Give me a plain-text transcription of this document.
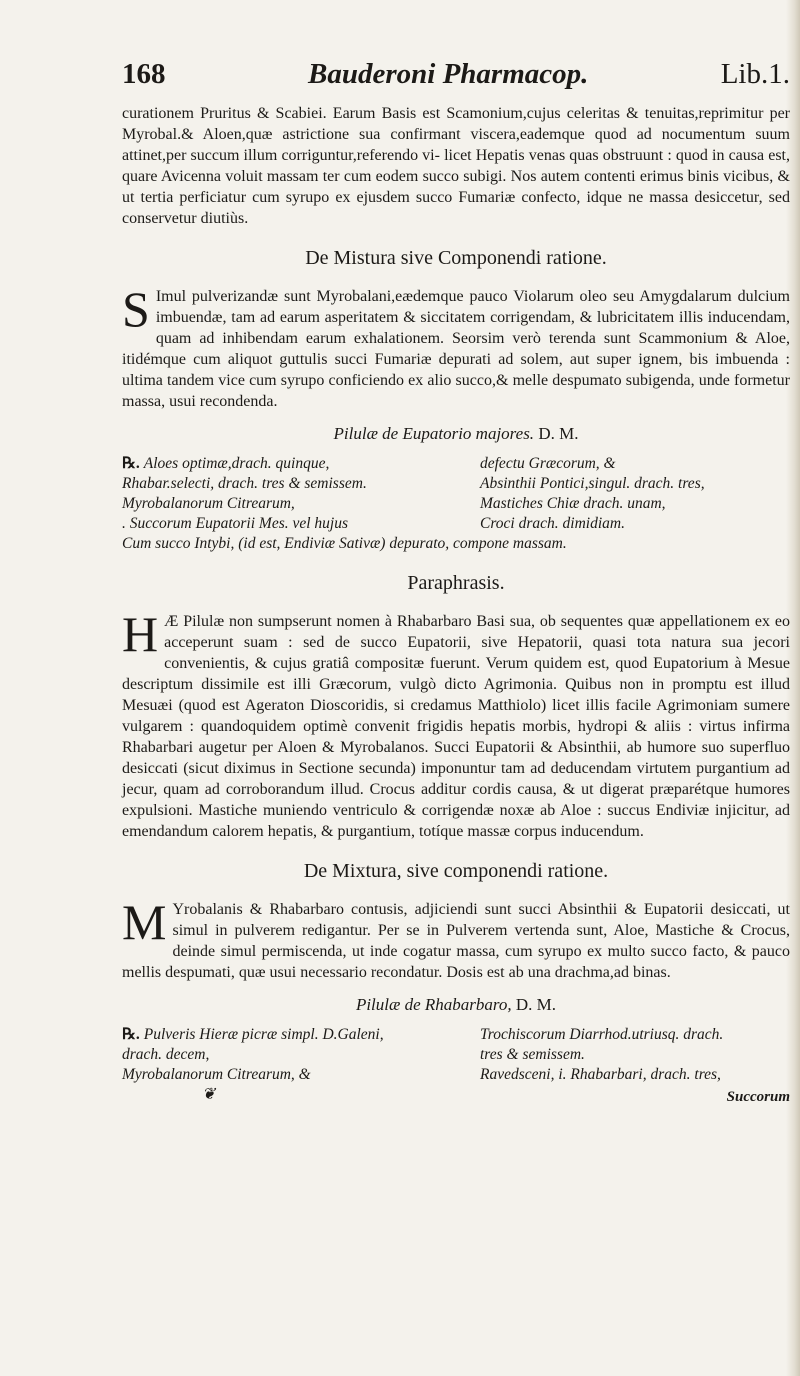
168	Bauderoni Pharmacop.	Lib.1.

curationem Pruritus & Scabiei. Earum Basis est Scamonium,cujus celeritas & tenuitas,reprimitur per Myrobal.& Aloen,quæ astrictione sua confirmant viscera,eademque quod ad nocumentum suum attinet,per succum illum corriguntur,referendo vi- licet Hepatis venas quas obstruunt : quod in causa est, quare Avicenna voluit massam ter cum eodem succo subigi. Nos autem contenti erimus binis vicibus, & ut tertia perficiatur cum syrupo ex ejusdem succo Fumariæ confecto, idque ne massa desiccetur, sed conservetur diutiùs.

De Mistura sive Componendi ratione.

S Imul pulverizandæ sunt Myrobalani,eædemque pauco Violarum oleo seu Amygdalarum dulcium imbuendæ, tam ad earum asperitatem & siccitatem corrigendam, & lubricitatem illis inducendam, quam ad inhibendam earum exhalationem. Seorsim verò terenda sunt Scammonium & Aloe, itidémque cum aliquot guttulis succi Fumariæ depurati ad solem, aut super ignem, bis imbuenda : ultima tandem vice cum syrupo conficiendo ex alio succo,& melle despumato subigenda, unde formetur massa, usui recondenda.

Pilulæ de Eupatorio majores. D. M.
℞. Aloes optimæ,drach. quinque,	defectu Græcorum, &
Rhabar.selecti, drach. tres & semissem.	Absinthii Pontici,singul. drach. tres,
Myrobalanorum Citrearum,	Mastiches Chiæ drach. unam,
. Succorum Eupatorii Mes. vel hujus	Croci drach. dimidiam.
Cum succo Intybi, (id est, Endiviæ Sativæ) depurato, compone massam.
Paraphrasis.

H Æ Pilulæ non sumpserunt nomen à Rhabarbaro Basi sua, ob sequentes quæ appellationem ex eo acceperunt suam : sed de succo Eupatorii, sive Hepatorii, quasi tota natura sua jecori convenientis, & cujus gratiâ compositæ fuerunt. Verum quidem est, quod Eupatorium à Mesue descriptum dissimile est illi Græcorum, vulgò dicto Agrimonia. Quibus non in promptu est illud Mesuæi (quod est Ageraton Dioscoridis, si credamus Matthiolo) licet illis facile Agrimoniam sumere vulgarem : quandoquidem optimè convenit frigidis hepatis morbis, hydropi & aliis : virtus infirma Rhabarbari augetur per Aloen & Myrobalanos. Succi Eupatorii & Absinthii, ab humore suo superfluo desiccati (sicut diximus in Sectione secunda) imponuntur tam ad deducendam virtutem purgantium ad jecur, quam ad corroborandum illud. Crocus additur cordis causa, & ut digerat præparétque humores expulsioni. Mastiche muniendo ventriculo & corrigendæ noxæ ab Aloe : succus Endiviæ injicitur, ad emendandum calorem hepatis, & purgantium, totíque massæ corpus inducendum.

De Mixtura, sive componendi ratione.

M Yrobalanis & Rhabarbaro contusis, adjiciendi sunt succi Absinthii & Eupatorii desiccati, ut simul in pulverem redigantur. Per se in Pulverem vertenda sunt, Aloe, Mastiche & Crocus, deinde simul permiscenda, ut inde cogatur massa, cum syrupo ex multo succo facto, & pauco mellis despumati, quæ usui necessario recondatur. Dosis est ab una drachma,ad binas.

Pilulæ de Rhabarbaro, D. M.
℞. Pulveris Hieræ picræ simpl. D.Galeni,	Trochiscorum Diarrhod.utriusq. drach.
drach. decem,	tres & semissem.
Myrobalanorum Citrearum, &	Ravedsceni, i. Rhabarbari, drach. tres,
❦	Succorum
